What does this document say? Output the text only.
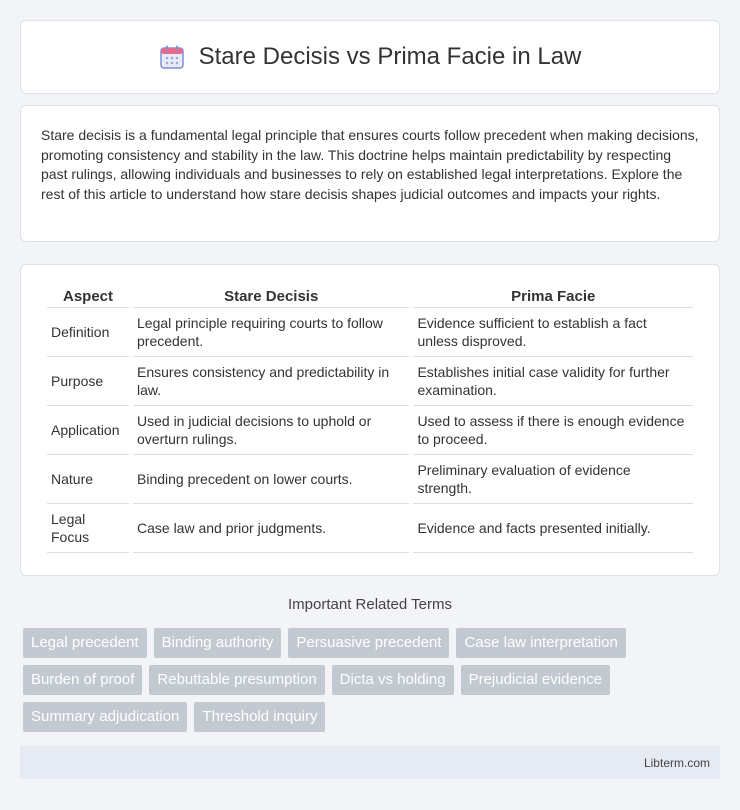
Stare Decisis vs Prima Facie in Law

Stare decisis is a fundamental legal principle that ensures courts follow precedent when making decisions, promoting consistency and stability in the law. This doctrine helps maintain predictability by respecting past rulings, allowing individuals and businesses to rely on established legal interpretations. Explore the rest of this article to understand how stare decisis shapes judicial outcomes and impacts your rights.

Aspect	Stare Decisis	Prima Facie
Definition	Legal principle requiring courts to follow precedent.	Evidence sufficient to establish a fact unless disproved.
Purpose	Ensures consistency and predictability in law.	Establishes initial case validity for further examination.
Application	Used in judicial decisions to uphold or overturn rulings.	Used to assess if there is enough evidence to proceed.
Nature	Binding precedent on lower courts.	Preliminary evaluation of evidence strength.
Legal Focus	Case law and prior judgments.	Evidence and facts presented initially.
Important Related Terms
Legal precedent	Binding authority	Persuasive precedent	Case law interpretation
Burden of proof	Rebuttable presumption	Dicta vs holding	Prejudicial evidence
Summary adjudication	Threshold inquiry
Libterm.com
